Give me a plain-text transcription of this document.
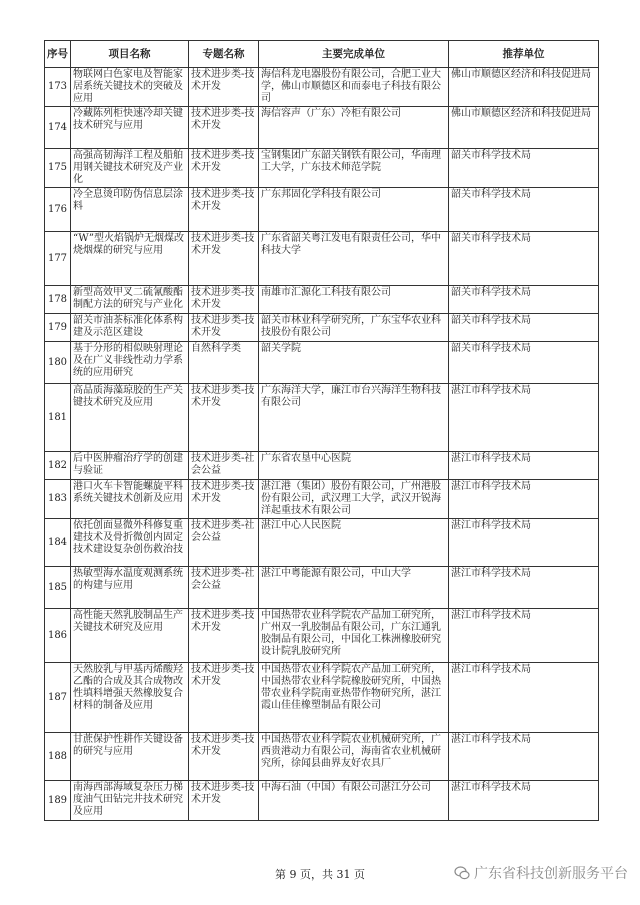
序号	项目名称	专题名称	主要完成单位	推荐单位
173	物联网白色家电及智能家居系统关键技术的突破及应用	技术进步类-技术开发	海信科龙电器股份有限公司，合肥工业大学，佛山市顺德区和而泰电子科技有限公司	佛山市顺德区经济和科技促进局
174	冷藏陈列柜快速冷却关键技术研究与应用	技术进步类-技术开发	海信容声（广东）冷柜有限公司	佛山市顺德区经济和科技促进局
175	高强高韧海洋工程及船舶用钢关键技术研究及产业化	技术进步类-技术开发	宝钢集团广东韶关钢铁有限公司，华南理工大学，广东技术师范学院	韶关市科学技术局
176	冷全息烫印防伪信息层涂料	技术进步类-技术开发	广东邦固化学科技有限公司	韶关市科学技术局
177	“W”型火焰锅炉无烟煤改烧烟煤的研究与应用	技术进步类-技术开发	广东省韶关粤江发电有限责任公司，华中科技大学	韶关市科学技术局
178	新型高效甲叉二硫氰酸酯制配方法的研究与产业化	技术进步类-技术开发	南雄市汇源化工科技有限公司	韶关市科学技术局
179	韶关市油茶标准化体系构建及示范区建设	技术进步类-技术开发	韶关市林业科学研究所，广东宝华农业科技股份有限公司	韶关市科学技术局
180	基于分形的相似映射理论及在广义非线性动力学系统的应用研究	自然科学类	韶关学院	韶关市科学技术局
181	高品质海藻琼胶的生产关键技术研究及应用	技术进步类-技术开发	广东海洋大学，廉江市台兴海洋生物科技有限公司	湛江市科学技术局
182	后中医肿瘤治疗学的创建与验证	技术进步类-社会公益	广东省农垦中心医院	湛江市科学技术局
183	港口火车卡智能螺旋平料系统关键技术创新及应用	技术进步类-技术开发	湛江港（集团）股份有限公司，广州港股份有限公司，武汉理工大学，武汉开锐海洋起重技术有限公司	湛江市科学技术局
184	依托创面显微外科修复重建技术及骨折微创内固定技术建设复杂创伤救治技	技术进步类-社会公益	湛江中心人民医院	湛江市科学技术局
185	热敏型海水温度观测系统的构建与应用	技术进步类-社会公益	湛江中粤能源有限公司，中山大学	湛江市科学技术局
186	高性能天然乳胶制品生产关键技术研究及应用	技术进步类-技术开发	中国热带农业科学院农产品加工研究所，广州双一乳胶制品有限公司，广东江通乳胶制品有限公司，中国化工株洲橡胶研究设计院乳胶研究所	湛江市科学技术局
187	天然胶乳与甲基丙烯酸羟乙酯的合成及其合成物改性填料增强天然橡胶复合材料的制备及应用	技术进步类-技术开发	中国热带农业科学院农产品加工研究所，中国热带农业科学院橡胶研究所，中国热带农业科学院南亚热带作物研究所，湛江霞山佳佳橡塑制品有限公司	湛江市科学技术局
188	甘蔗保护性耕作关键设备的研究与应用	技术进步类-技术开发	中国热带农业科学院农业机械研究所，广西贵港动力有限公司，海南省农业机械研究所，徐闻县曲界友好农具厂	湛江市科学技术局
189	南海西部海域复杂压力梯度油气田钻完井技术研究及应用	技术进步类-技术开发	中海石油（中国）有限公司湛江分公司	湛江市科学技术局
第 9 页，共 31 页	广东省科技创新服务平台
